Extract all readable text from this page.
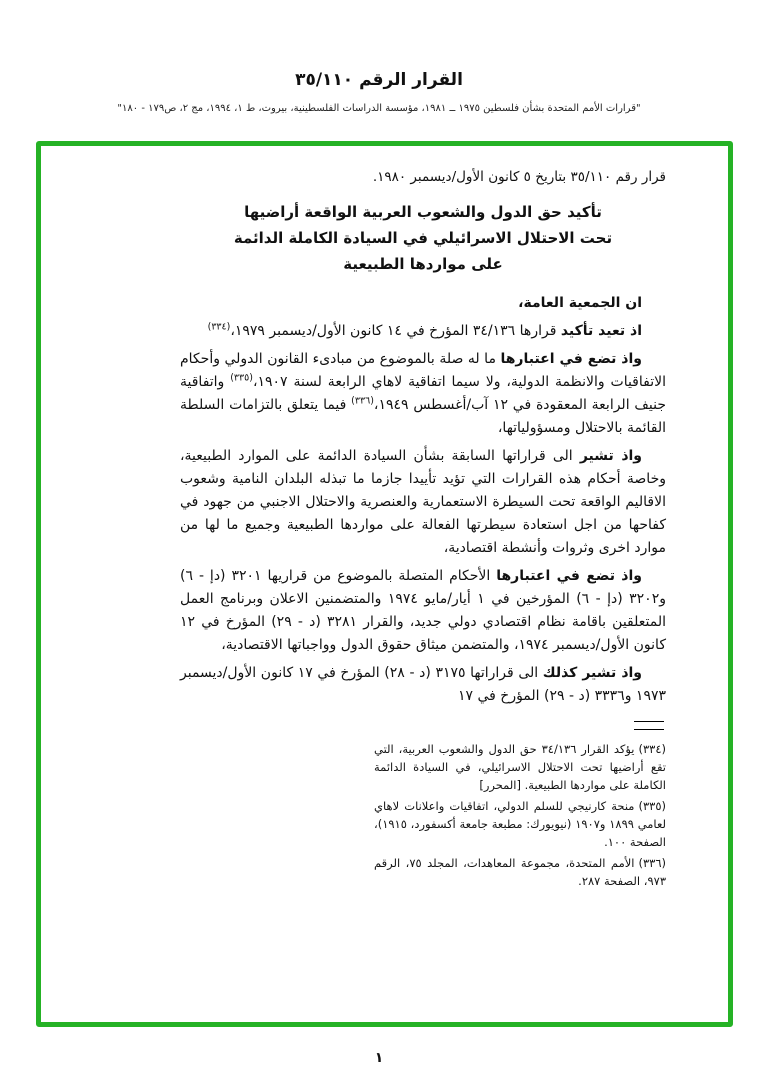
القرار الرقم ٣٥/١١٠
"قرارات الأمم المتحدة بشأن فلسطين ١٩٧٥ ــ ١٩٨١، مؤسسة الدراسات الفلسطينية، بيروت، ط ١، ١٩٩٤، مج ٢، ص١٧٩ - ١٨٠"

قرار رقم ٣٥/١١٠ بتاريخ ٥ كانون الأول/ديسمبر ١٩٨٠.

تأكيد حق الدول والشعوب العربية الواقعة أراضيها
تحت الاحتلال الاسرائيلي في السيادة الكاملة الدائمة
على مواردها الطبيعية

ان الجمعية العامة،

اذ تعيد تأكيد قرارها ٣٤/١٣٦ المؤرخ في ١٤ كانون الأول/ديسمبر ١٩٧٩،$^{(٣٣٤)}$

واذ تضع في اعتبارها ما له صلة بالموضوع من مبادىء القانون الدولي وأحكام الاتفاقيات والانظمة الدولية، ولا سيما اتفاقية لاهاي الرابعة لسنة ١٩٠٧،$^{(٣٣٥)}$ واتفاقية جنيف الرابعة المعقودة في ١٢ آب/أغسطس ١٩٤٩،$^{(٣٣٦)}$ فيما يتعلق بالتزامات السلطة القائمة بالاحتلال ومسؤولياتها،

واذ تشير الى قراراتها السابقة بشأن السيادة الدائمة على الموارد الطبيعية، وخاصة أحكام هذه القرارات التي تؤيد تأييدا جازما ما تبذله البلدان النامية وشعوب الاقاليم الواقعة تحت السيطرة الاستعمارية والعنصرية والاحتلال الاجنبي من جهود في كفاحها من اجل استعادة سيطرتها الفعالة على مواردها الطبيعية وجميع ما لها من موارد اخرى وثروات وأنشطة اقتصادية،

واذ تضع في اعتبارها الأحكام المتصلة بالموضوع من قراريها ٣٢٠١ (دإ - ٦) و٣٢٠٢ (دإ - ٦) المؤرخين في ١ أيار/مايو ١٩٧٤ والمتضمنين الاعلان وبرنامج العمل المتعلقين باقامة نظام اقتصادي دولي جديد، والقرار ٣٢٨١ (د - ٢٩) المؤرخ في ١٢ كانون الأول/ديسمبر ١٩٧٤، والمتضمن ميثاق حقوق الدول وواجباتها الاقتصادية،

واذ تشير كذلك الى قراراتها ٣١٧٥ (د - ٢٨) المؤرخ في ١٧ كانون الأول/ديسمبر ١٩٧٣ و٣٣٣٦ (د - ٢٩) المؤرخ في ١٧

(٣٣٤)يؤكد القرار ٣٤/١٣٦ حق الدول والشعوب العربية، التي تقع أراضيها تحت الاحتلال الاسرائيلي، في السيادة الدائمة الكاملة على مواردها الطبيعية. [المحرر]

(٣٣٥)منحة كارنيجي للسلم الدولي، اتفاقيات واعلانات لاهاي لعامي ١٨٩٩ و١٩٠٧ (نيويورك: مطبعة جامعة أكسفورد، ١٩١٥)، الصفحة ١٠٠.

(٣٣٦)الأمم المتحدة، مجموعة المعاهدات، المجلد ٧٥، الرقم ٩٧٣، الصفحة ٢٨٧.

١
